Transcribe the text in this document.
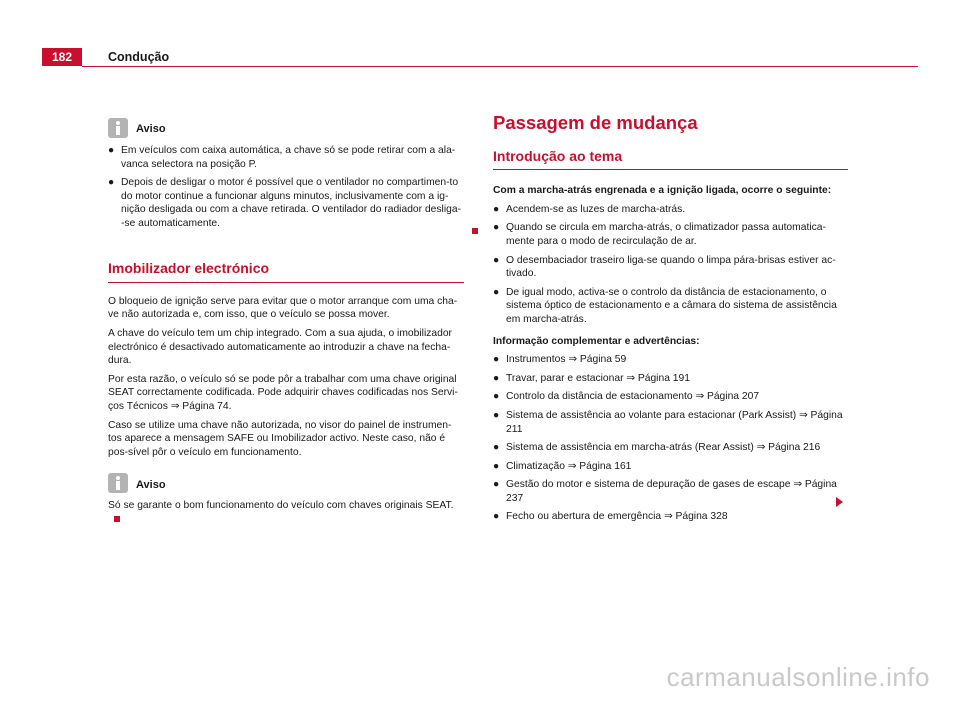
182	Condução
Aviso
● Em veículos com caixa automática, a chave só se pode retirar com a ala-vanca selectora na posição P.
● Depois de desligar o motor é possível que o ventilador no compartimen-to do motor continue a funcionar alguns minutos, inclusivamente com a ig-nição desligada ou com a chave retirada. O ventilador do radiador desliga--se automaticamente.
Imobilizador electrónico

O bloqueio de ignição serve para evitar que o motor arranque com uma cha-ve não autorizada e, com isso, que o veículo se possa mover.

A chave do veículo tem um chip integrado. Com a sua ajuda, o imobilizador electrónico é desactivado automaticamente ao introduzir a chave na fecha-dura.

Por esta razão, o veículo só se pode pôr a trabalhar com uma chave original SEAT correctamente codificada. Pode adquirir chaves codificadas nos Servi-ços Técnicos ⇒ Página 74.

Caso se utilize uma chave não autorizada, no visor do painel de instrumen-tos aparece a mensagem SAFE ou Imobilizador activo. Neste caso, não é pos-sível pôr o veículo em funcionamento.

Aviso

Só se garante o bom funcionamento do veículo com chaves originais SEAT.

Passagem de mudança
Introdução ao tema

Com a marcha-atrás engrenada e a ignição ligada, ocorre o seguinte:

● Acendem-se as luzes de marcha-atrás.
● Quando se circula em marcha-atrás, o climatizador passa automatica-mente para o modo de recirculação de ar.
● O desembaciador traseiro liga-se quando o limpa pára-brisas estiver ac-tivado.
● De igual modo, activa-se o controlo da distância de estacionamento, o sistema óptico de estacionamento e a câmara do sistema de assistência em marcha-atrás.

Informação complementar e advertências:

● Instrumentos ⇒ Página 59
● Travar, parar e estacionar ⇒ Página 191
● Controlo da distância de estacionamento ⇒ Página 207
● Sistema de assistência ao volante para estacionar (Park Assist) ⇒ Página 211
● Sistema de assistência em marcha-atrás (Rear Assist) ⇒ Página 216
● Climatização ⇒ Página 161
● Gestão do motor e sistema de depuração de gases de escape ⇒ Página 237
● Fecho ou abertura de emergência ⇒ Página 328
carmanualsonline.info
